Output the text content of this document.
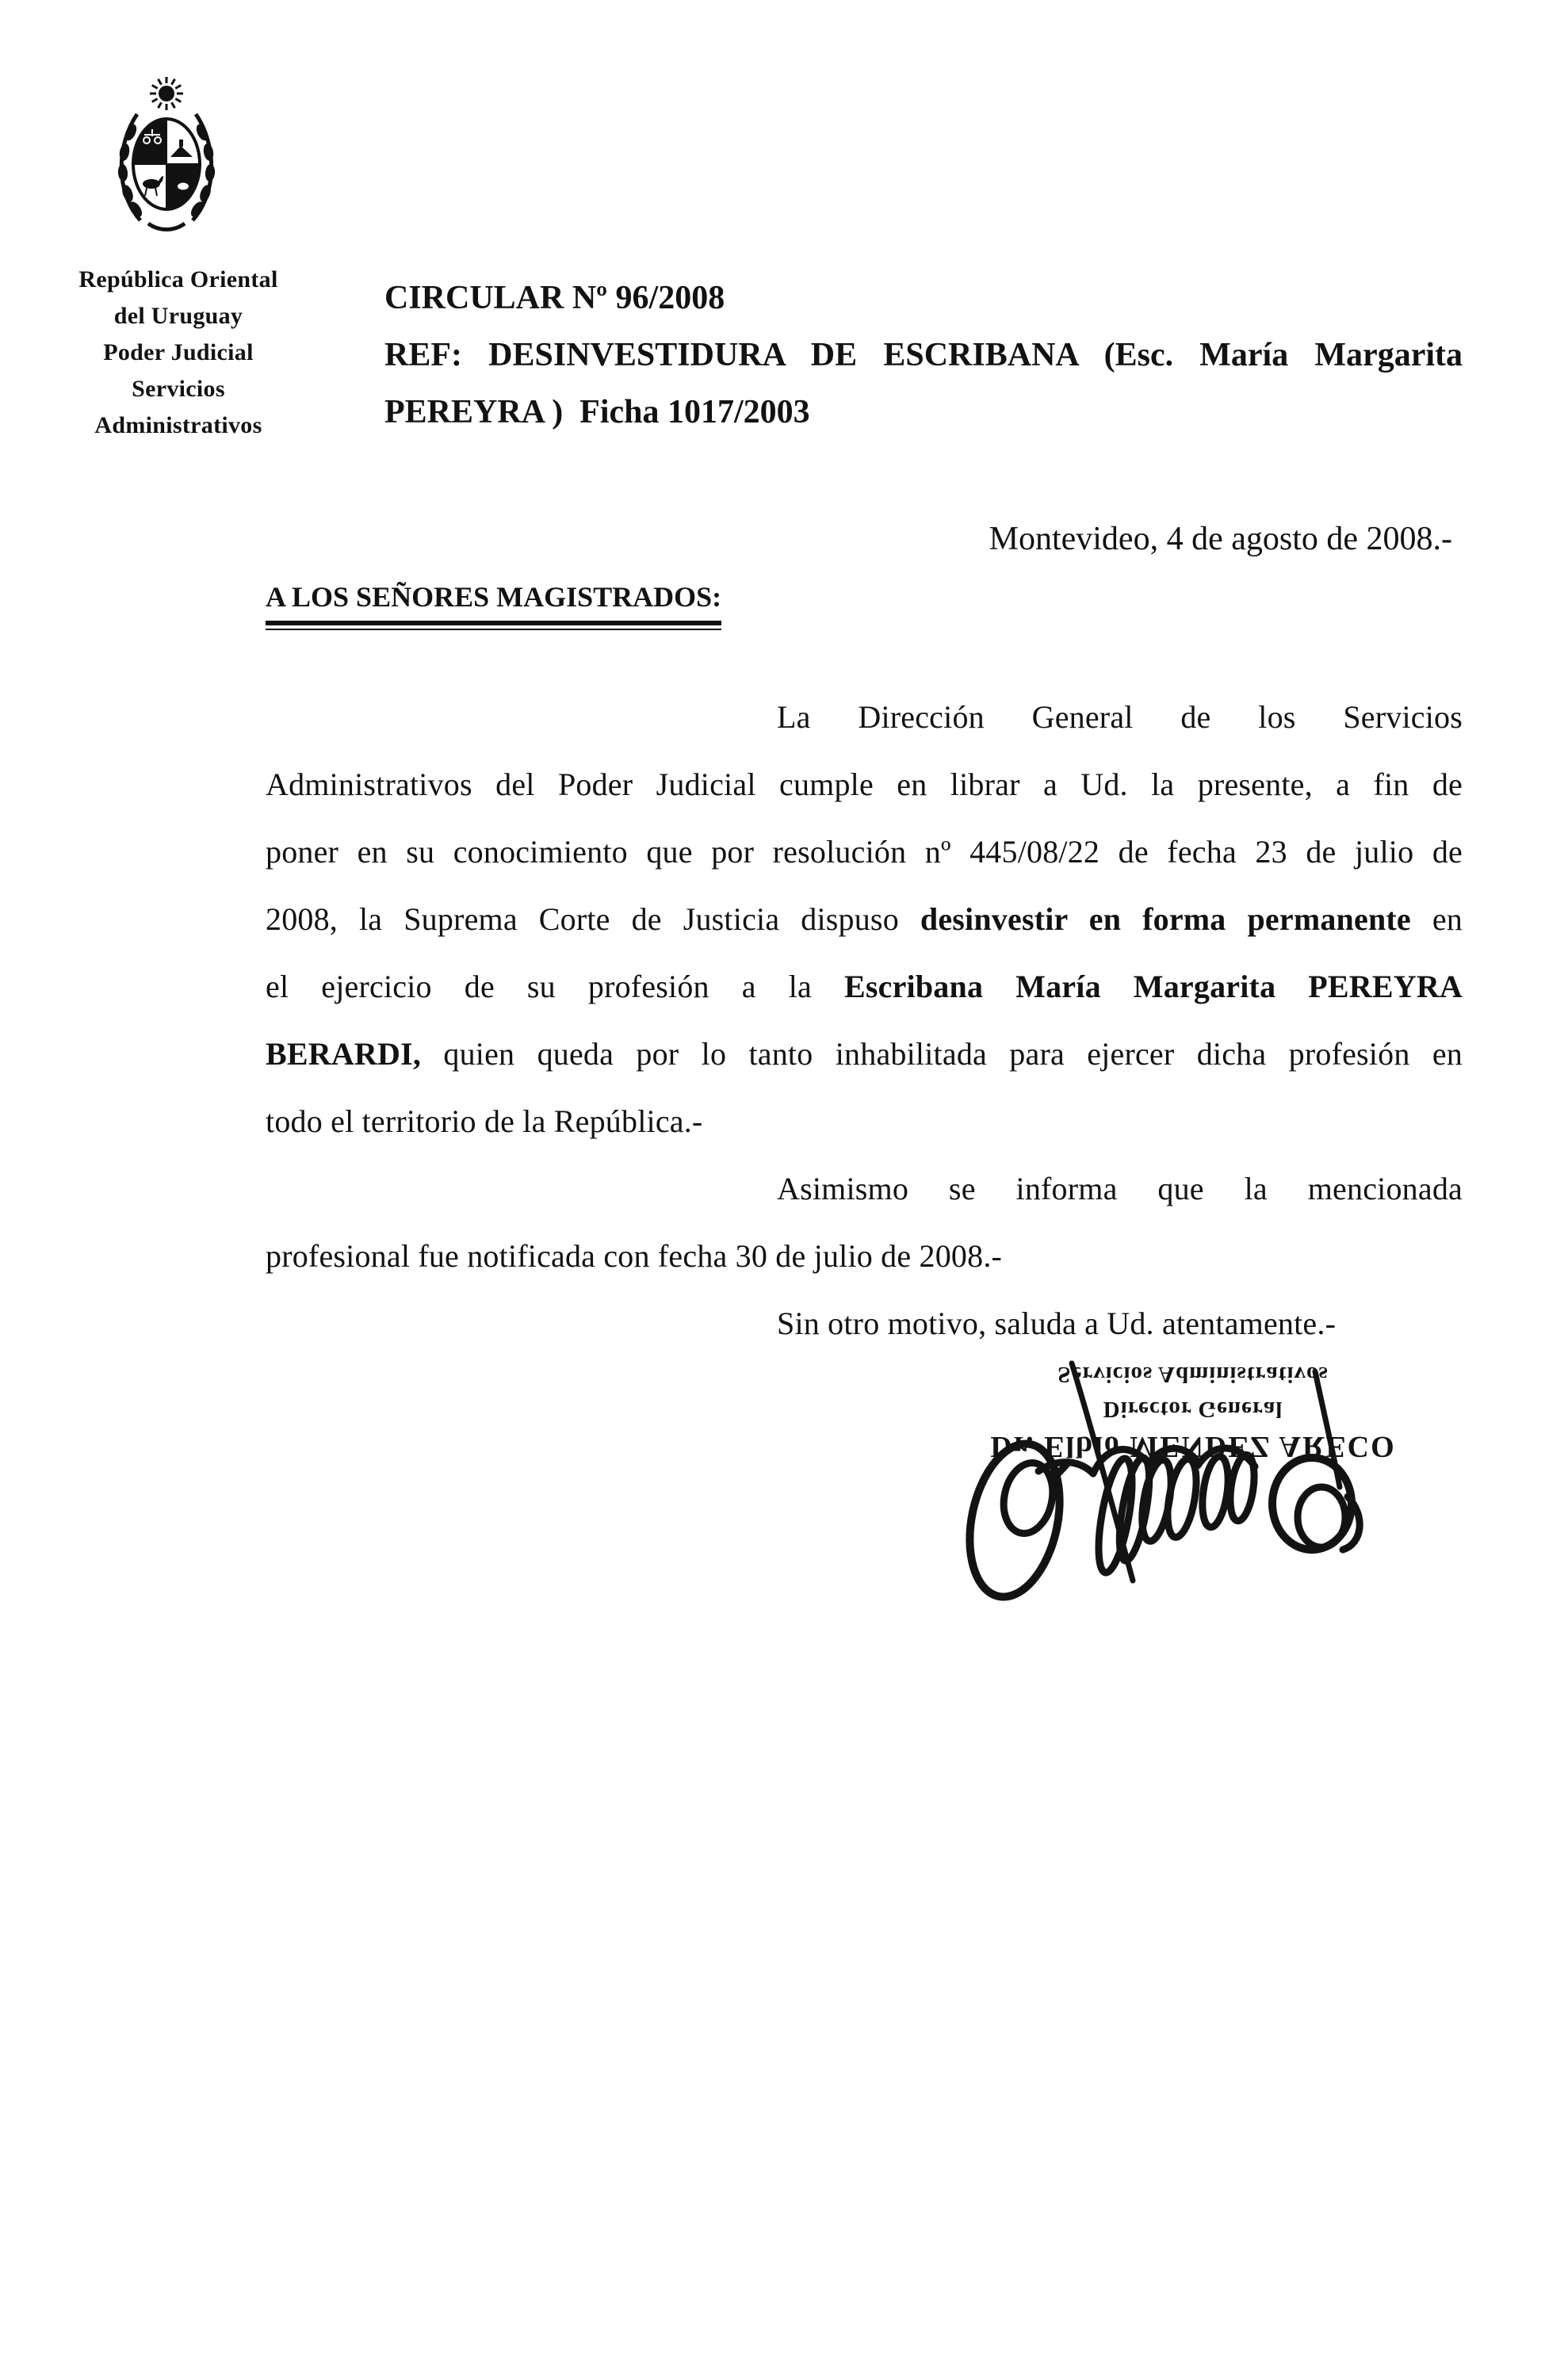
República Oriental
del Uruguay
Poder Judicial
Servicios
Administrativos
CIRCULAR Nº 96/2008
REF: DESINVESTIDURA DE ESCRIBANA (Esc. María Margarita
PEREYRA )  Ficha 1017/2003
Montevideo, 4 de agosto de 2008.-
A LOS SEÑORES MAGISTRADOS:
La Dirección General de los Servicios
Administrativos del Poder Judicial cumple en librar a Ud. la presente, a fin de
poner en su conocimiento que por resolución nº 445/08/22 de fecha 23 de julio de
2008, la Suprema Corte de Justicia dispuso desinvestir en forma permanente en
el ejercicio de su profesión a la Escribana María Margarita PEREYRA
BERARDI, quien queda por lo tanto inhabilitada para ejercer dicha profesión en
todo el territorio de la República.-
Asimismo se informa que la mencionada
profesional fue notificada con fecha 30 de julio de 2008.-
Sin otro motivo, saluda a Ud. atentamente.-
Dr. Elbio MENDEZ ARECO
Director General
Servicios Administrativos
